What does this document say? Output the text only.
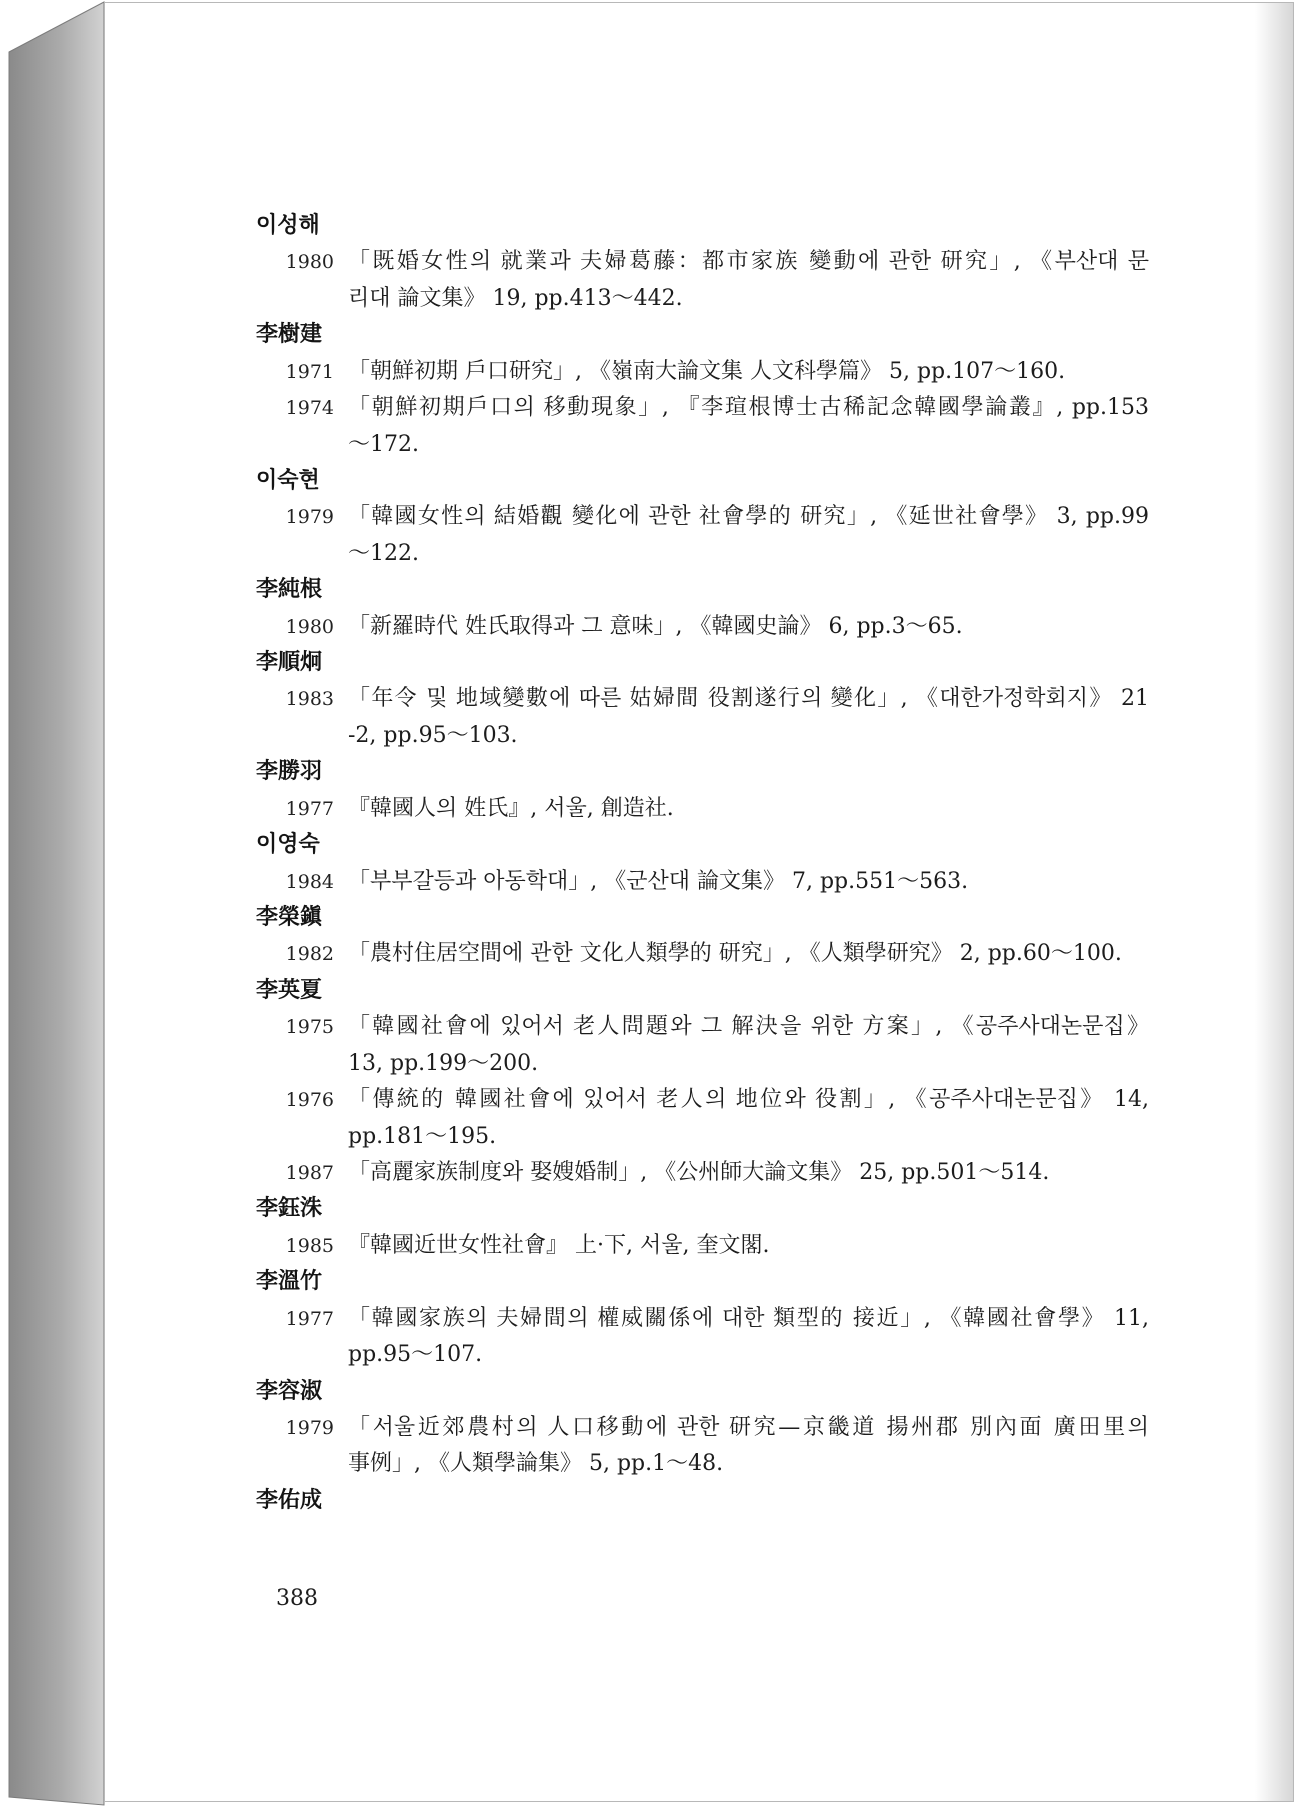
이성해
1980 「既婚女性의 就業과 夫婦葛藤：都市家族 變動에 관한 研究」, 《부산대 문
리대 論文集》 19, pp.413～442.
李樹建
1971 「朝鮮初期 戶口研究」, 《嶺南大論文集 人文科學篇》 5, pp.107～160.
1974 「朝鮮初期戶口의 移動現象」, 『李瑄根博士古稀記念韓國學論叢』, pp.153
～172.
이숙현
1979 「韓國女性의 結婚觀 變化에 관한 社會學的 研究」, 《延世社會學》 3, pp.99
～122.
李純根
1980 「新羅時代 姓氏取得과 그 意味」, 《韓國史論》 6, pp.3～65.
李順炯
1983 「年令 및 地域變數에 따른 姑婦間 役割遂行의 變化」, 《대한가정학회지》 21
-2, pp.95～103.
李勝羽
1977 『韓國人의 姓氏』, 서울, 創造社.
이영숙
1984 「부부갈등과 아동학대」, 《군산대 論文集》 7, pp.551～563.
李榮鎭
1982 「農村住居空間에 관한 文化人類學的 研究」, 《人類學研究》 2, pp.60～100.
李英夏
1975 「韓國社會에 있어서 老人問題와 그 解決을 위한 方案」, 《공주사대논문집》
13, pp.199～200.
1976 「傳統的 韓國社會에 있어서 老人의 地位와 役割」, 《공주사대논문집》 14,
pp.181～195.
1987 「高麗家族制度와 娶嫂婚制」, 《公州師大論文集》 25, pp.501～514.
李鈺洙
1985 『韓國近世女性社會』 上·下, 서울, 奎文閣.
李溫竹
1977 「韓國家族의 夫婦間의 權威關係에 대한 類型的 接近」, 《韓國社會學》 11,
pp.95～107.
李容淑
1979 「서울近郊農村의 人口移動에 관한 研究—京畿道 揚州郡 別內面 廣田里의
事例」, 《人類學論集》 5, pp.1～48.
李佑成
388
